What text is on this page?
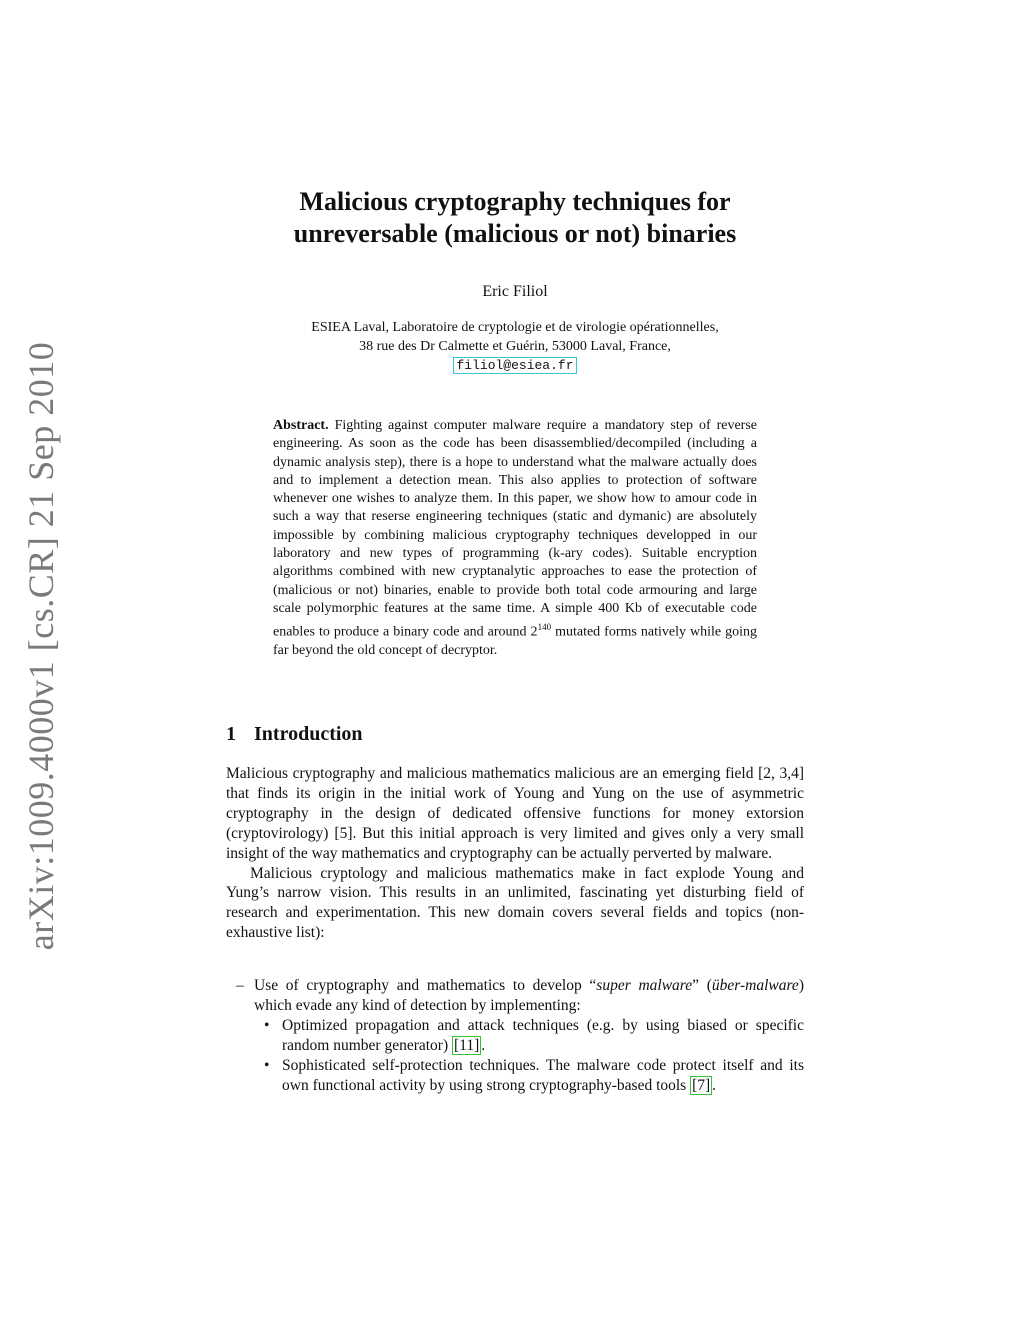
arXiv:1009.4000v1 [cs.CR] 21 Sep 2010
Malicious cryptography techniques for
unreversable (malicious or not) binaries
Eric Filiol
ESIEA Laval, Laboratoire de cryptologie et de virologie opérationnelles,
38 rue des Dr Calmette et Guérin, 53000 Laval, France,
filiol@esiea.fr
Abstract. Fighting against computer malware require a mandatory step of reverse engineering. As soon as the code has been disassemblied/decompiled (including a dynamic analysis step), there is a hope to understand what the malware actually does and to implement a detection mean. This also applies to protection of software whenever one wishes to analyze them. In this paper, we show how to amour code in such a way that reserse engineering techniques (static and dymanic) are absolutely impossible by combining malicious cryptography techniques developped in our laboratory and new types of programming (k-ary codes). Suitable encryption algorithms combined with new cryptanalytic approaches to ease the protection of (malicious or not) binaries, enable to provide both total code armouring and large scale polymorphic features at the same time. A simple 400 Kb of executable code enables to produce a binary code and around $2^{140}$ mutated forms natively while going far beyond the old concept of decryptor.
1 Introduction

Malicious cryptography and malicious mathematics malicious are an emerging field [2, 3,4] that finds its origin in the initial work of Young and Yung on the use of asymmetric cryptography in the design of dedicated offensive functions for money extorsion (cryptovirology) [5]. But this initial approach is very limited and gives only a very small insight of the way mathematics and cryptography can be actually perverted by malware.

Malicious cryptology and malicious mathematics make in fact explode Young and Yung’s narrow vision. This results in an unlimited, fascinating yet disturbing field of research and experimentation. This new domain covers several fields and topics (non-exhaustive list):

– Use of cryptography and mathematics to develop “super malware” (über-malware) which evade any kind of detection by implementing:
• Optimized propagation and attack techniques (e.g. by using biased or specific random number generator) [11] .
• Sophisticated self-protection techniques. The malware code protect itself and its own functional activity by using strong cryptography-based tools [7] .
